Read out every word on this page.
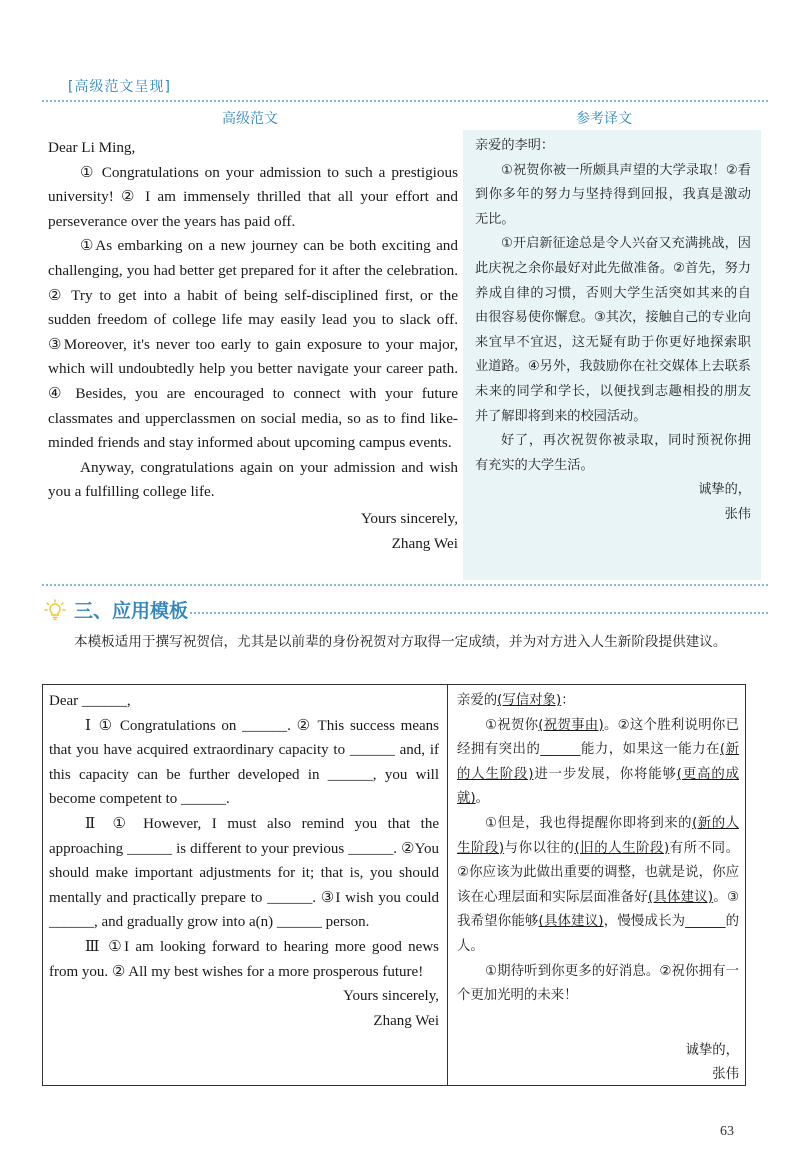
[高级范文呈现]
高级范文	参考译文

Dear Li Ming,

① Congratulations on your admission to such a prestigious university! ② I am immensely thrilled that all your effort and perseverance over the years has paid off.

①As embarking on a new journey can be both exciting and challenging, you had better get prepared for it after the celebration. ② Try to get into a habit of being self-disciplined first, or the sudden freedom of college life may easily lead you to slack off. ③Moreover, it's never too early to gain exposure to your major, which will undoubtedly help you better navigate your career path. ④ Besides, you are encouraged to connect with your future classmates and upperclassmen on social media, so as to find like-minded friends and stay informed about upcoming campus events.

Anyway, congratulations again on your admission and wish you a fulfilling college life.

Yours sincerely,

Zhang Wei

亲爱的李明：

①祝贺你被一所颇具声望的大学录取！②看到你多年的努力与坚持得到回报，我真是激动无比。

①开启新征途总是令人兴奋又充满挑战，因此庆祝之余你最好对此先做准备。②首先，努力养成自律的习惯，否则大学生活突如其来的自由很容易使你懈怠。③其次，接触自己的专业向来宜早不宜迟，这无疑有助于你更好地探索职业道路。④另外，我鼓励你在社交媒体上去联系未来的同学和学长，以便找到志趣相投的朋友并了解即将到来的校园活动。

好了，再次祝贺你被录取，同时预祝你拥有充实的大学生活。

诚挚的，

张伟

三、应用模板
本模板适用于撰写祝贺信，尤其是以前辈的身份祝贺对方取得一定成绩，并为对方进入人生新阶段提供建议。

Dear ______,

Ⅰ ① Congratulations on ______. ② This success means that you have acquired extraordinary capacity to ______ and, if this capacity can be further developed in ______, you will become competent to ______.

Ⅱ ① However, I must also remind you that the approaching ______ is different to your previous ______. ②You should make important adjustments for it; that is, you should mentally and practically prepare to ______. ③I wish you could ______, and gradually grow into a(n) ______ person.

Ⅲ ①I am looking forward to hearing more good news from you. ② All my best wishes for a more prosperous future!

Yours sincerely,

Zhang Wei

亲爱的(写信对象)：

①祝贺你(祝贺事由)。②这个胜利说明你已经拥有突出的______能力，如果这一能力在(新的人生阶段)进一步发展，你将能够(更高的成就)。

①但是，我也得提醒你即将到来的(新的人生阶段)与你以往的(旧的人生阶段)有所不同。②你应该为此做出重要的调整，也就是说，你应该在心理层面和实际层面准备好(具体建议)。③我希望你能够(具体建议)，慢慢成长为______的人。

①期待听到你更多的好消息。②祝你拥有一个更加光明的未来！

诚挚的，

张伟

63
